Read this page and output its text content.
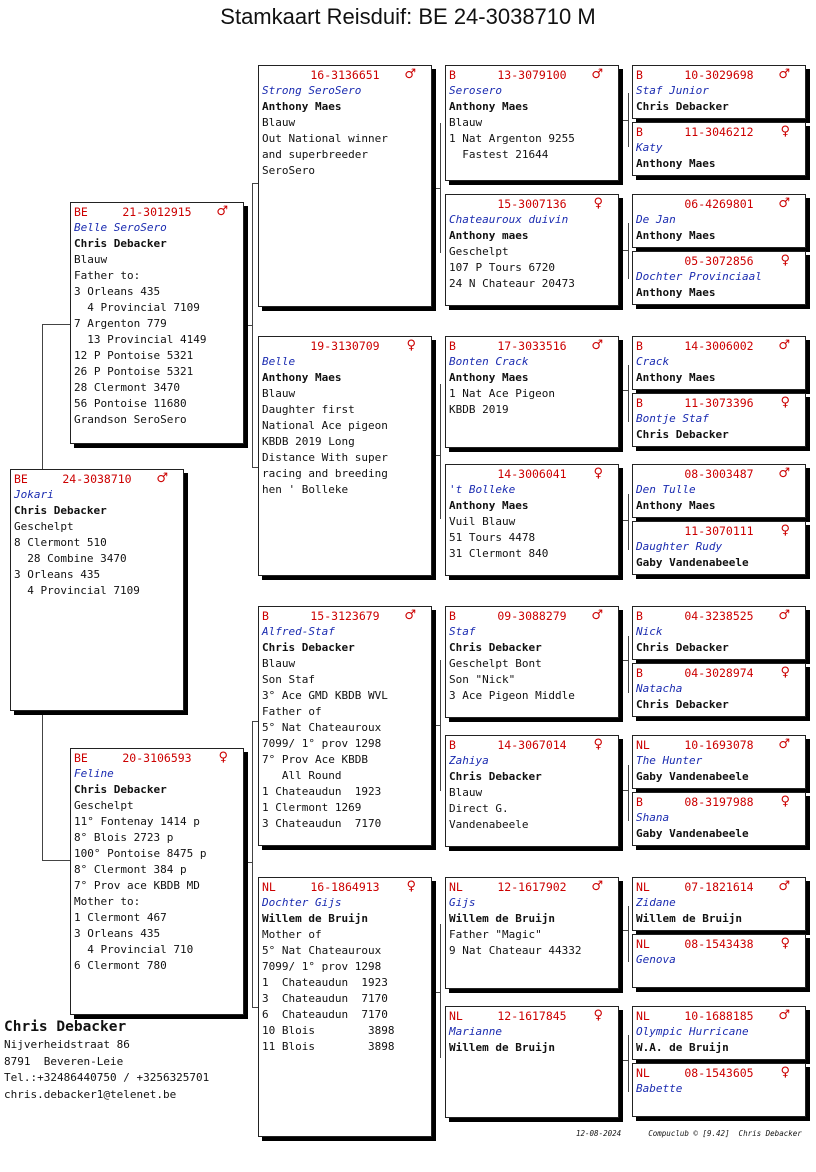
Stamkaart Reisduif: BE 24-3038710 M
BE	24-3038710	♂
Jokari
Chris Debacker
Geschelpt
8 Clermont 510
28 Combine 3470
3 Orleans 435
4 Provincial 7109
BE	21-3012915	♂
Belle SeroSero
Chris Debacker
Blauw
Father to:
3 Orleans 435
4 Provincial 7109
7 Argenton 779
13 Provincial 4149
12 P Pontoise 5321
26 P Pontoise 5321
28 Clermont 3470
56 Pontoise 11680
Grandson SeroSero
BE	20-3106593	♀
Feline
Chris Debacker
Geschelpt
11° Fontenay 1414 p
8° Blois 2723 p
100° Pontoise 8475 p
8° Clermont 384 p
7° Prov ace KBDB MD
Mother to:
1 Clermont 467
3 Orleans 435
4 Provincial 710
6 Clermont 780
16-3136651	♂
Strong SeroSero
Anthony Maes
Blauw
Out National winner
and superbreeder
SeroSero
19-3130709	♀
Belle
Anthony Maes
Blauw
Daughter first
National Ace pigeon
KBDB 2019 Long
Distance With super
racing and breeding
hen ' Bolleke
B	15-3123679	♂
Alfred-Staf
Chris Debacker
Blauw
Son Staf
3° Ace GMD KBDB WVL
Father of
5° Nat Chateauroux
7099/ 1° prov 1298
7° Prov Ace KBDB
All Round
1 Chateaudun  1923
1 Clermont 1269
3 Chateaudun  7170
NL	16-1864913	♀
Dochter Gijs
Willem de Bruijn
Mother of
5° Nat Chateauroux
7099/ 1° prov 1298
1  Chateaudun  1923
3  Chateaudun  7170
6  Chateaudun  7170
10 Blois        3898
11 Blois        3898
B	13-3079100	♂
Serosero
Anthony Maes
Blauw
1 Nat Argenton 9255
Fastest 21644
15-3007136	♀
Chateauroux duivin
Anthony maes
Geschelpt
107 P Tours 6720
24 N Chateaur 20473
B	17-3033516	♂
Bonten Crack
Anthony Maes
1 Nat Ace Pigeon
KBDB 2019
14-3006041	♀
't Bolleke
Anthony Maes
Vuil Blauw
51 Tours 4478
31 Clermont 840
B	09-3088279	♂
Staf
Chris Debacker
Geschelpt Bont
Son "Nick"
3 Ace Pigeon Middle
B	14-3067014	♀
Zahiya
Chris Debacker
Blauw
Direct G.
Vandenabeele
NL	12-1617902	♂
Gijs
Willem de Bruijn
Father "Magic"
9 Nat Chateaur 44332
NL	12-1617845	♀
Marianne
Willem de Bruijn
B	10-3029698	♂
Staf Junior
Chris Debacker
B	11-3046212	♀
Katy
Anthony Maes
06-4269801	♂
De Jan
Anthony Maes
05-3072856	♀
Dochter Provinciaal
Anthony Maes
B	14-3006002	♂
Crack
Anthony Maes
B	11-3073396	♀
Bontje Staf
Chris Debacker
08-3003487	♂
Den Tulle
Anthony Maes
11-3070111	♀
Daughter Rudy
Gaby Vandenabeele
B	04-3238525	♂
Nick
Chris Debacker
B	04-3028974	♀
Natacha
Chris Debacker
NL	10-1693078	♂
The Hunter
Gaby Vandenabeele
B	08-3197988	♀
Shana
Gaby Vandenabeele
NL	07-1821614	♂
Zidane
Willem de Bruijn
NL	08-1543438	♀
Genova
NL	10-1688185	♂
Olympic Hurricane
W.A. de Bruijn
NL	08-1543605	♀
Babette
Chris Debacker
Nijverheidstraat 86
8791  Beveren-Leie
Tel.:+32486440750 / +3256325701
chris.debacker1@telenet.be
12-08-2024      Compuclub © [9.42]  Chris Debacker
